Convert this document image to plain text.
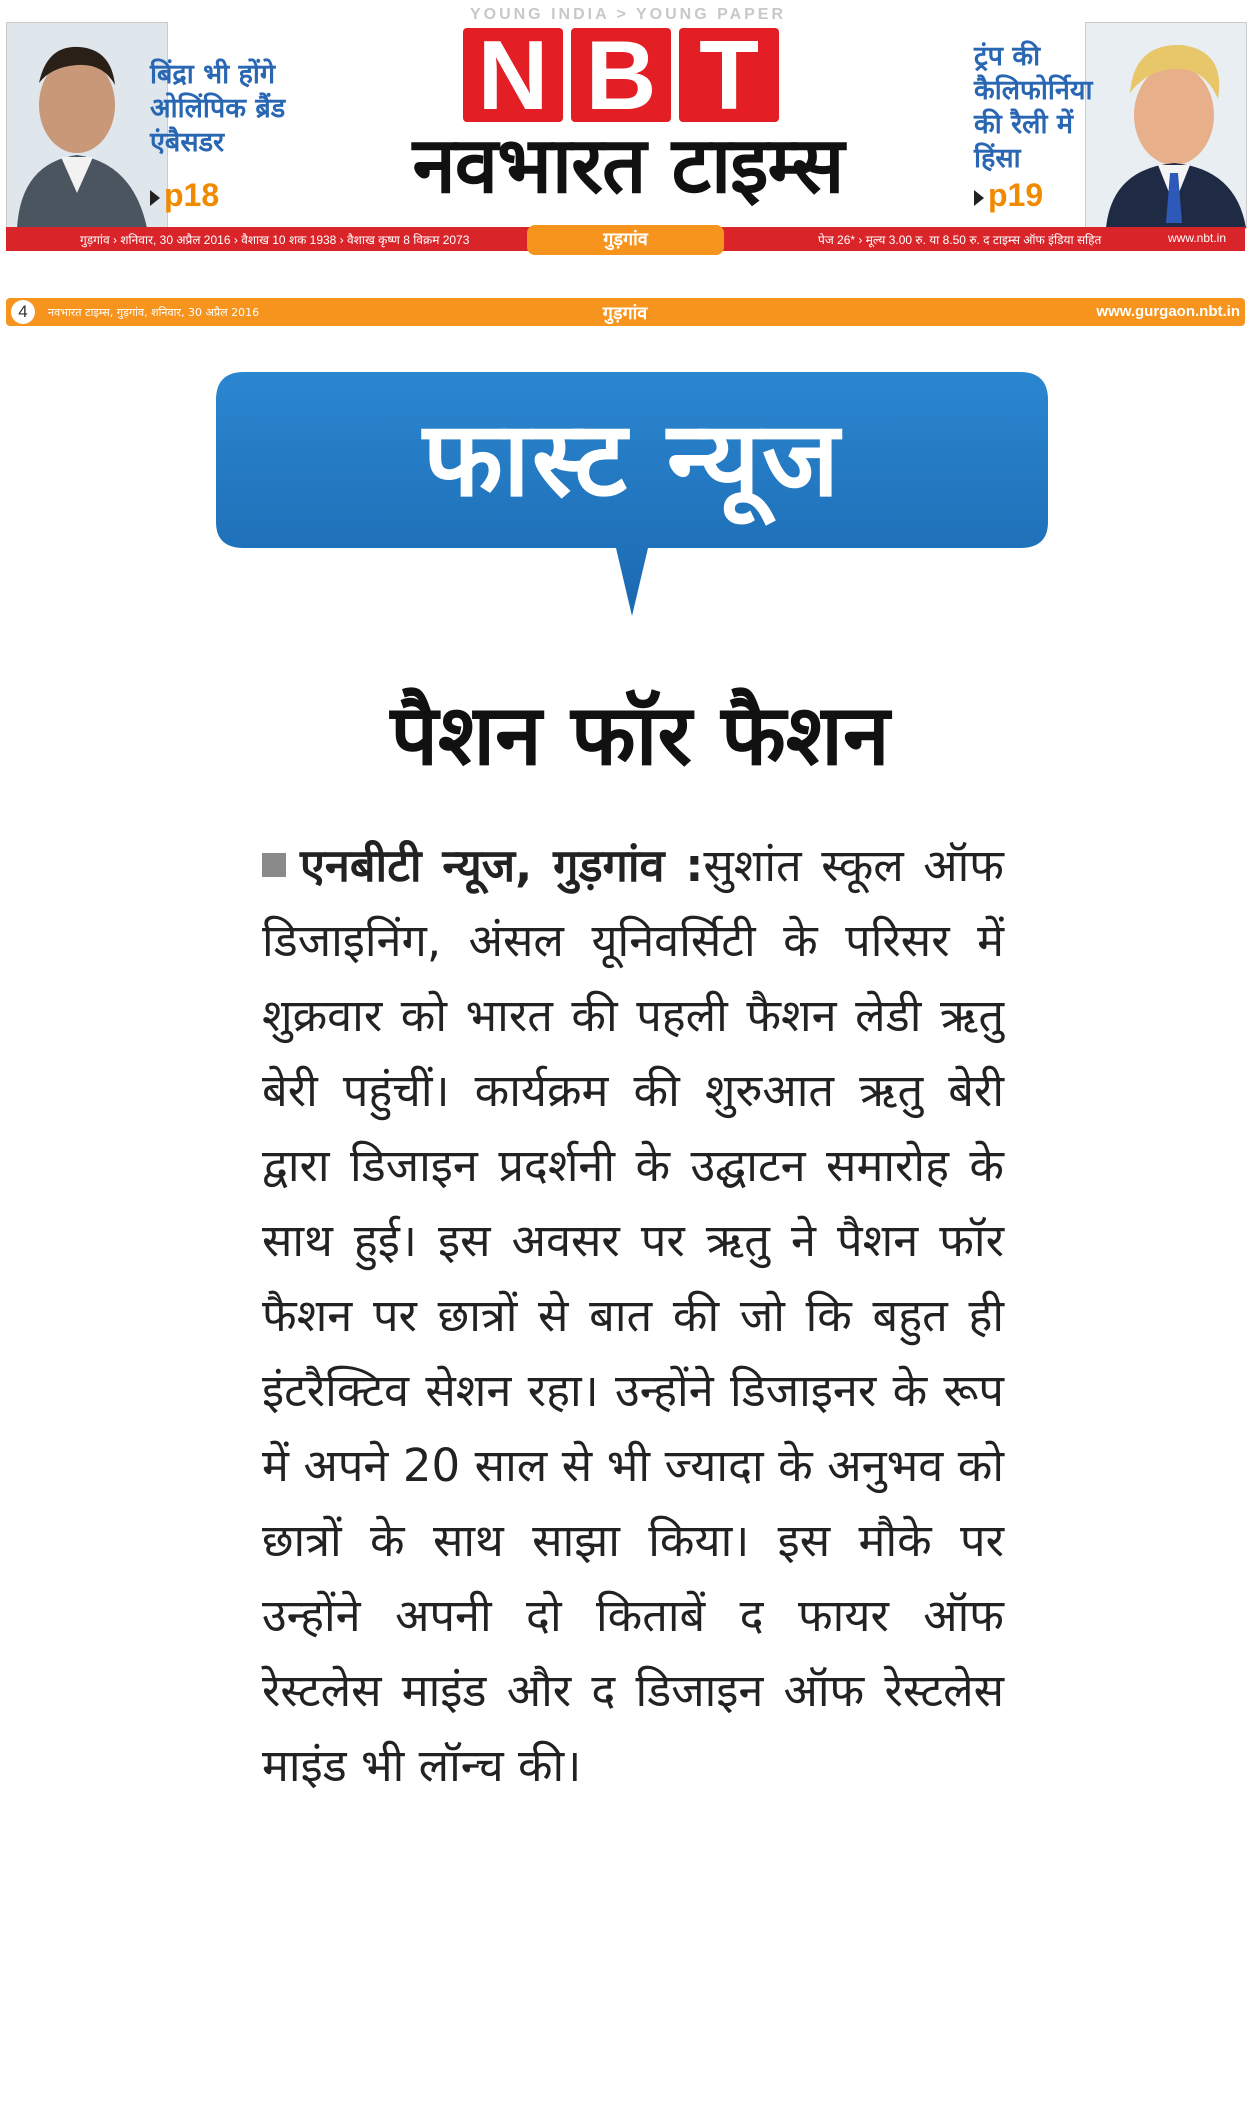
बिंद्रा भी होंगे ओलिंपिक ब्रैंड एंबैसडर
p18
YOUNG INDIA > YOUNG PAPER
N B T
नवभारत टाइम्स
ट्रंप की कैलिफोर्निया की रैली में हिंसा
p19
गुड़गांव › शनिवार, 30 अप्रैल 2016 › वैशाख 10 शक 1938 › वैशाख कृष्ण 8 विक्रम 2073	गुड़गांव	पेज 26* › मूल्य 3.00 रु. या 8.50 रु. द टाइम्स ऑफ इंडिया सहित	www.nbt.in
4	नवभारत टाइम्स, गुड़गांव, शनिवार, 30 अप्रैल 2016	गुड़गांव	www.gurgaon.nbt.in
फास्ट न्यूज
पैशन फॉर फैशन

एनबीटी न्यूज, गुड़गांव :सुशांत स्कूल ऑफ डिजाइनिंग, अंसल यूनिवर्सिटी के परिसर में शुक्रवार को भारत की पहली फैशन लेडी ऋतु बेरी पहुंचीं। कार्यक्रम की शुरुआत ऋतु बेरी द्वारा डिजाइन प्रदर्शनी के उद्घाटन समारोह के साथ हुई। इस अवसर पर ऋतु ने पैशन फॉर फैशन पर छात्रों से बात की जो कि बहुत ही इंटरैक्टिव सेशन रहा। उन्होंने डिजाइनर के रूप में अपने 20 साल से भी ज्यादा के अनुभव को छात्रों के साथ साझा किया। इस मौके पर उन्होंने अपनी दो किताबें द फायर ऑफ रेस्टलेस माइंड और द डिजाइन ऑफ रेस्टलेस माइंड भी लॉन्च की।
